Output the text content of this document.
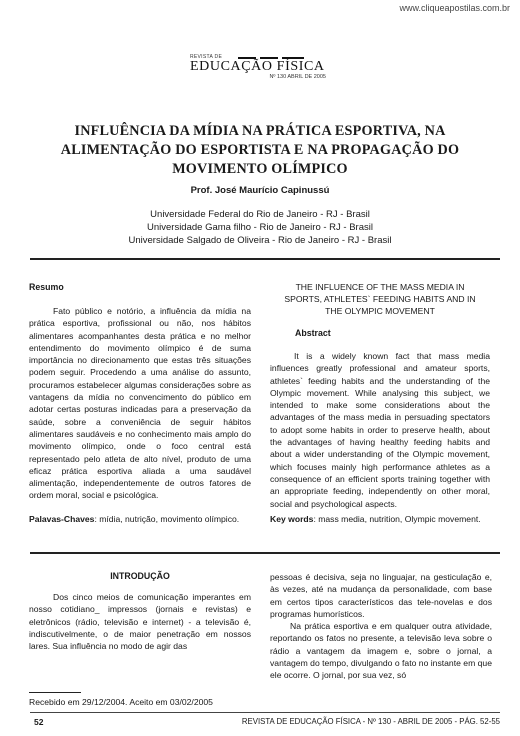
www.cliqueapostilas.com.br
REVISTA DE
EDUCAÇÃO FÍSICA
Nº 130 ABRIL DE 2005
INFLUÊNCIA DA MÍDIA NA PRÁTICA ESPORTIVA, NA
ALIMENTAÇÃO DO ESPORTISTA E NA PROPAGAÇÃO DO
MOVIMENTO OLÍMPICO
Prof. José Maurício Capinussú
Universidade Federal do Rio de Janeiro - RJ - Brasil
Universidade Gama filho - Rio de Janeiro - RJ - Brasil
Universidade Salgado de Oliveira - Rio de Janeiro - RJ - Brasil
Resumo

Fato público e notório, a influência da mídia na prática esportiva, profissional ou não, nos hábitos alimentares acompanhantes desta prática e no melhor entendimento do movimento olímpico é de suma importância no direcionamento que estas três situações podem seguir. Procedendo a uma análise do assunto, procuramos estabelecer algumas considerações sobre as vantagens da mídia no convencimento do público em adotar certas posturas indicadas para a preservação da saúde, sobre a conveniência de seguir hábitos alimentares saudáveis e no conhecimento mais amplo do movimento olímpico, onde o foco central está representado pelo atleta de alto nível, produto de uma eficaz prática esportiva aliada a uma saudável alimentação, independentemente de outros fatores de ordem moral, social e psicológica.

THE INFLUENCE OF THE MASS MEDIA IN
SPORTS, ATHLETES` FEEDING HABITS AND IN
THE OLYMPIC MOVEMENT
Abstract

It is a widely known fact that mass media influences greatly professional and amateur sports, athletes` feeding habits and the understanding of the Olympic movement. While analysing this subject, we intended to make some considerations about the advantages of the mass media in persuading spectators to adopt some habits in order to preserve health, about the advantages of having healthy feeding habits and about a wider understanding of the Olympic movement, which focuses mainly high performance athletes as a consequence of an efficient sports training together with an appropriate feeding, independently on other moral, social and psychological aspects.

Palavas-Chaves: mídia, nutrição, movimento olímpico.	Key words: mass media, nutrition, Olympic movement.
INTRODUÇÃO

Dos cinco meios de comunicação imperantes em nosso cotidiano_ impressos (jornais e revistas) e eletrônicos (rádio, televisão e internet) - a televisão é, indiscutivelmente, o de maior penetração em nossos lares. Sua influência no modo de agir das

pessoas é decisiva, seja no linguajar, na gesticulação e, às vezes, até na mudança da personalidade, com base em certos tipos característicos das tele-novelas e dos programas humorísticos.

Na prática esportiva e em qualquer outra atividade, reportando os fatos no presente, a televisão leva sobre o rádio a vantagem da imagem e, sobre o jornal, a vantagem do tempo, divulgando o fato no instante em que ele ocorre. O jornal, por sua vez, só

Recebido em 29/12/2004. Aceito em 03/02/2005
52	REVISTA DE EDUCAÇÃO FÍSICA - Nº 130 - ABRIL DE 2005 - PÁG. 52-55
